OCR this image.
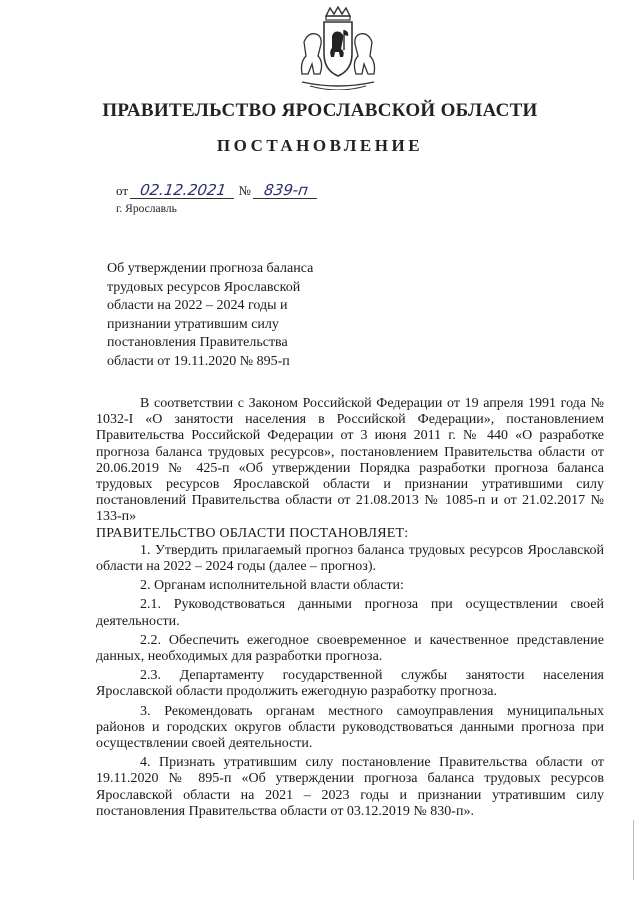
ПРАВИТЕЛЬСТВО ЯРОСЛАВСКОЙ ОБЛАСТИ
ПОСТАНОВЛЕНИЕ
от 02.12.2021 № 839-п
г. Ярославль
Об утверждении прогноза баланса
трудовых ресурсов Ярославской
области на 2022 – 2024 годы и
признании утратившим силу
постановления Правительства
области от 19.11.2020 № 895-п

В соответствии с Законом Российской Федерации от 19 апреля 1991 года № 1032-I «О занятости населения в Российской Федерации», постановлением Правительства Российской Федерации от 3 июня 2011 г. № 440 «О разработке прогноза баланса трудовых ресурсов», постановлением Правительства области от 20.06.2019 № 425-п «Об утверждении Порядка разработки прогноза баланса трудовых ресурсов Ярославской области и признании утратившими силу постановлений Правительства области от 21.08.2013 № 1085-п и от 21.02.2017 № 133-п»

ПРАВИТЕЛЬСТВО ОБЛАСТИ ПОСТАНОВЛЯЕТ:

1. Утвердить прилагаемый прогноз баланса трудовых ресурсов Ярославской области на 2022 – 2024 годы (далее – прогноз).

2. Органам исполнительной власти области:

2.1. Руководствоваться данными прогноза при осуществлении своей деятельности.

2.2. Обеспечить ежегодное своевременное и качественное представление данных, необходимых для разработки прогноза.

2.3. Департаменту государственной службы занятости населения Ярославской области продолжить ежегодную разработку прогноза.

3. Рекомендовать органам местного самоуправления муниципальных районов и городских округов области руководствоваться данными прогноза при осуществлении своей деятельности.

4. Признать утратившим силу постановление Правительства области от 19.11.2020 № 895-п «Об утверждении прогноза баланса трудовых ресурсов Ярославской области на 2021 – 2023 годы и признании утратившим силу постановления Правительства области от 03.12.2019 № 830-п».
